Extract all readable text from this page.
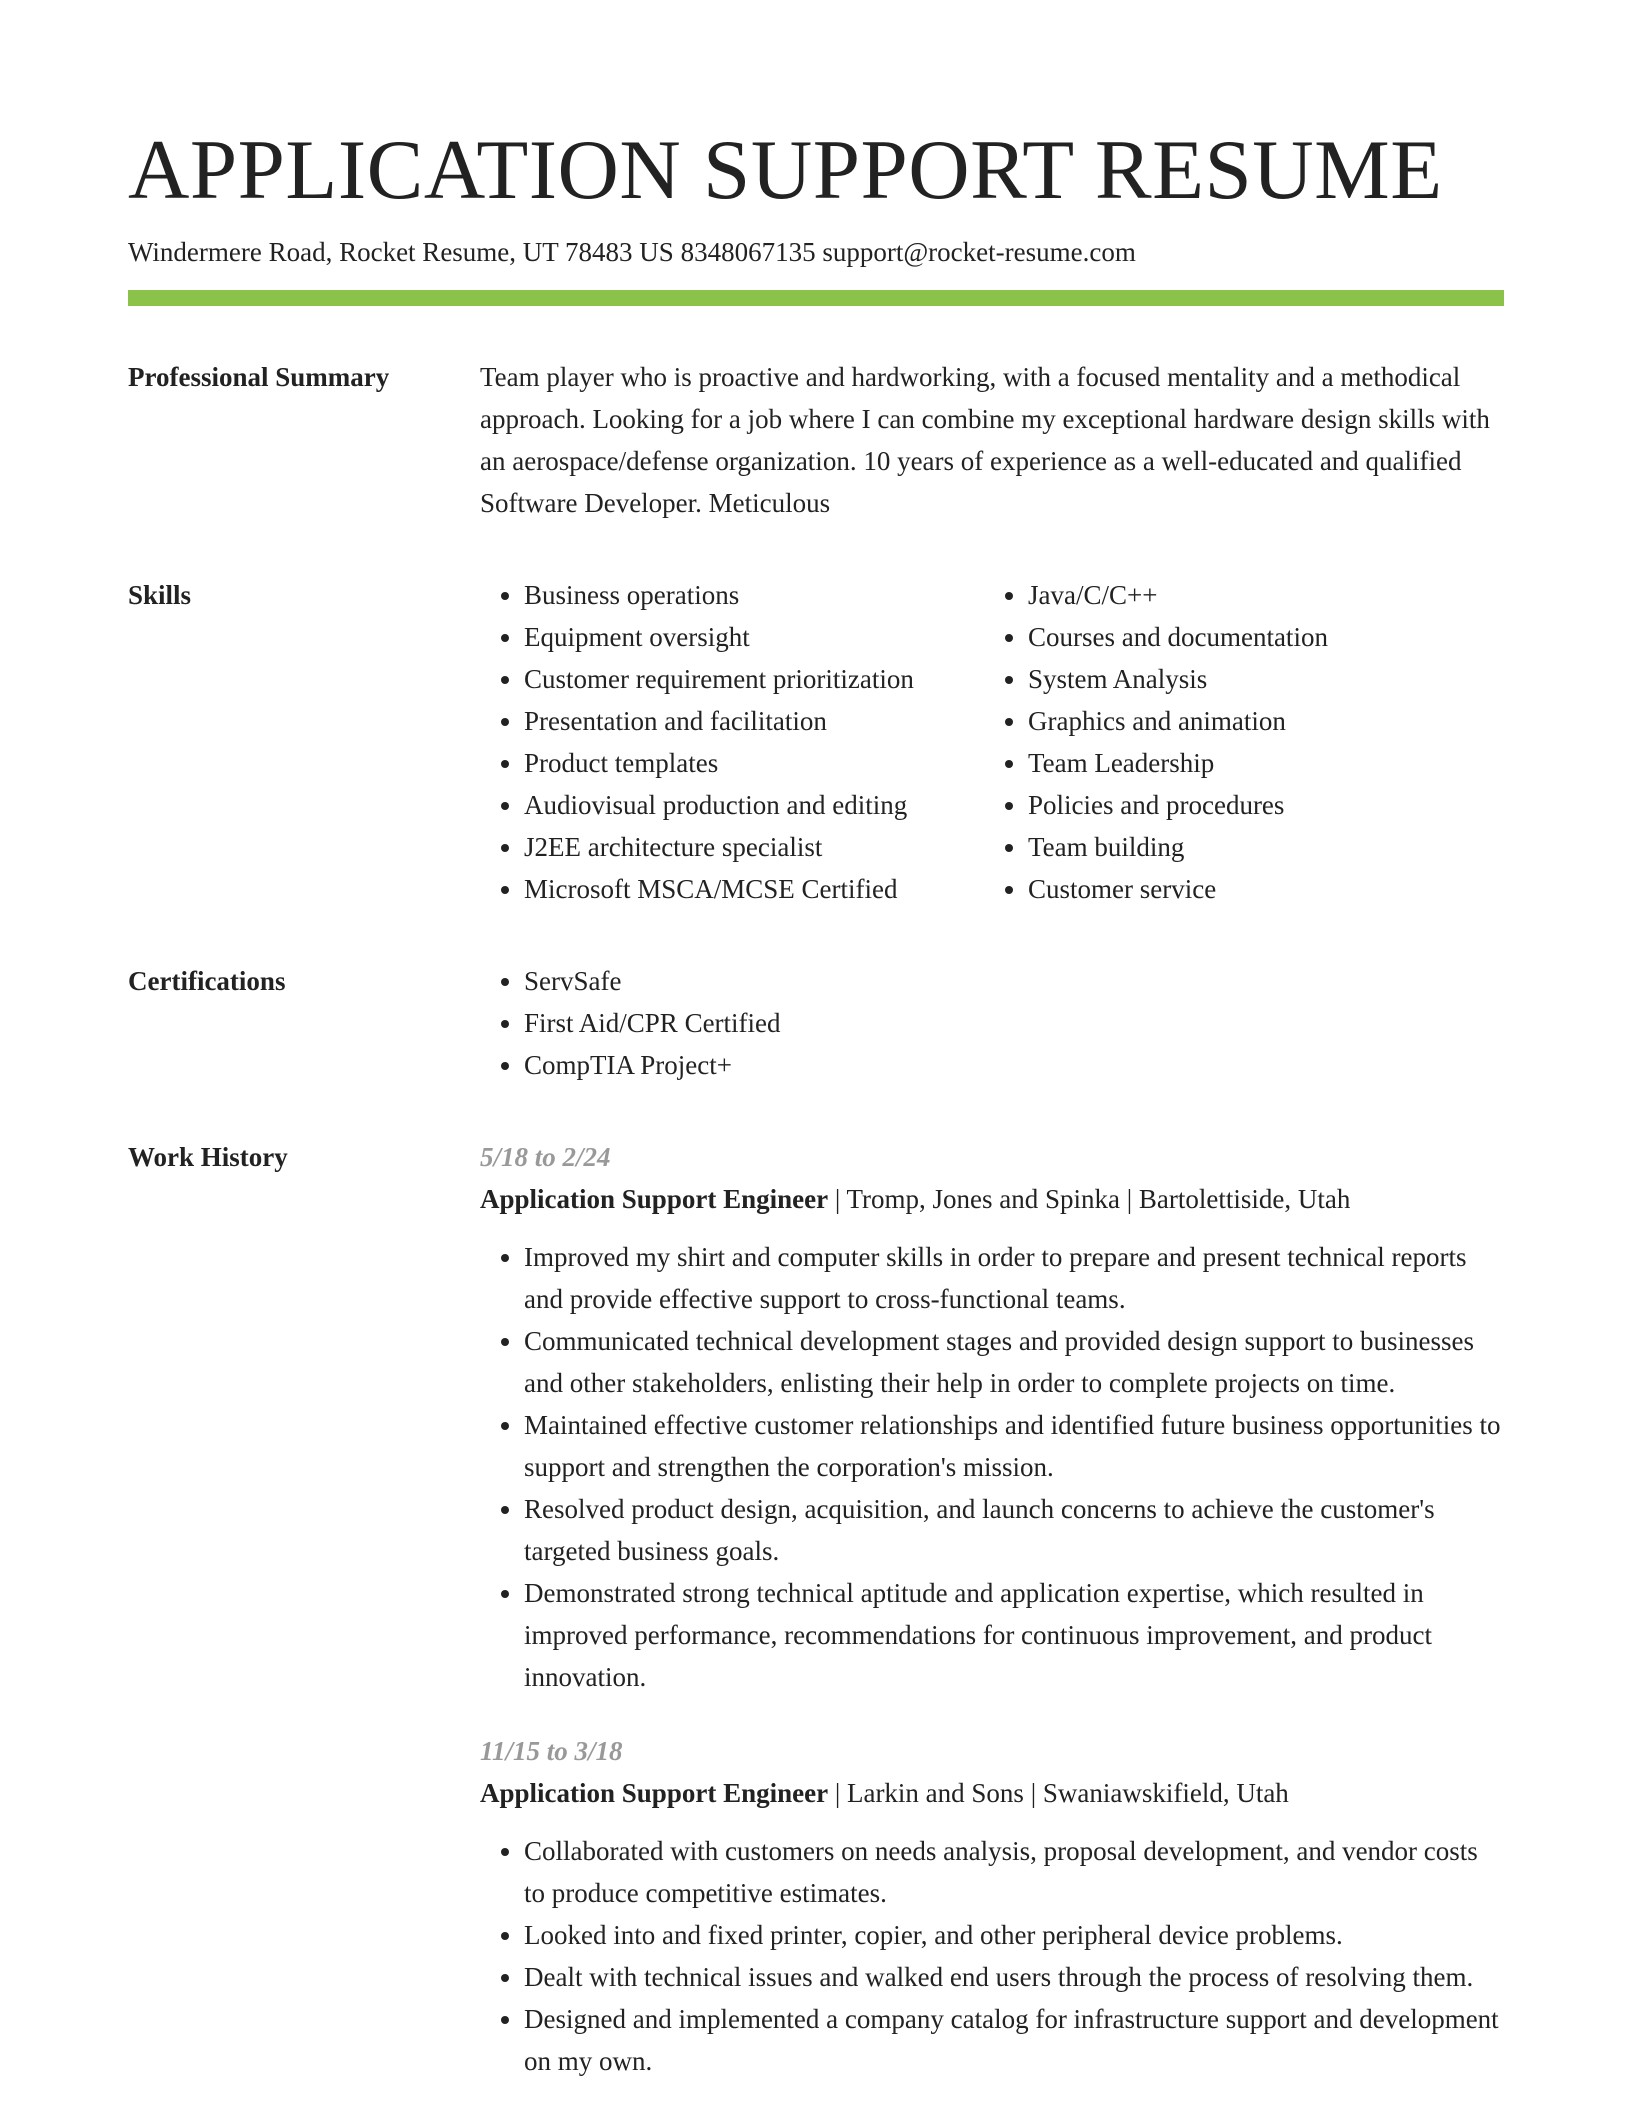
APPLICATION SUPPORT RESUME
Windermere Road, Rocket Resume, UT 78483 US 8348067135 support@rocket-resume.com
Professional Summary	Team player who is proactive and hardworking, with a focused mentality and a methodical approach. Looking for a job where I can combine my exceptional hardware design skills with an aerospace/defense organization. 10 years of experience as a well-educated and qualified Software Developer. Meticulous

Skills	• Business operations
• Equipment oversight
• Customer requirement prioritization
• Presentation and facilitation
• Product templates
• Audiovisual production and editing
• J2EE architecture specialist
• Microsoft MSCA/MCSE Certified
• Java/C/C++
• Courses and documentation
• System Analysis
• Graphics and animation
• Team Leadership
• Policies and procedures
• Team building
• Customer service
Certifications	• ServSafe
• First Aid/CPR Certified
• CompTIA Project+
Work History	5/18 to 2/24
Application Support Engineer | Tromp, Jones and Spinka | Bartolettiside, Utah
• Improved my shirt and computer skills in order to prepare and present technical reports and provide effective support to cross-functional teams.
• Communicated technical development stages and provided design support to businesses and other stakeholders, enlisting their help in order to complete projects on time.
• Maintained effective customer relationships and identified future business opportunities to support and strengthen the corporation's mission.
• Resolved product design, acquisition, and launch concerns to achieve the customer's targeted business goals.
• Demonstrated strong technical aptitude and application expertise, which resulted in improved performance, recommendations for continuous improvement, and product innovation.
11/15 to 3/18
Application Support Engineer | Larkin and Sons | Swaniawskifield, Utah
• Collaborated with customers on needs analysis, proposal development, and vendor costs to produce competitive estimates.
• Looked into and fixed printer, copier, and other peripheral device problems.
• Dealt with technical issues and walked end users through the process of resolving them.
• Designed and implemented a company catalog for infrastructure support and development on my own.
